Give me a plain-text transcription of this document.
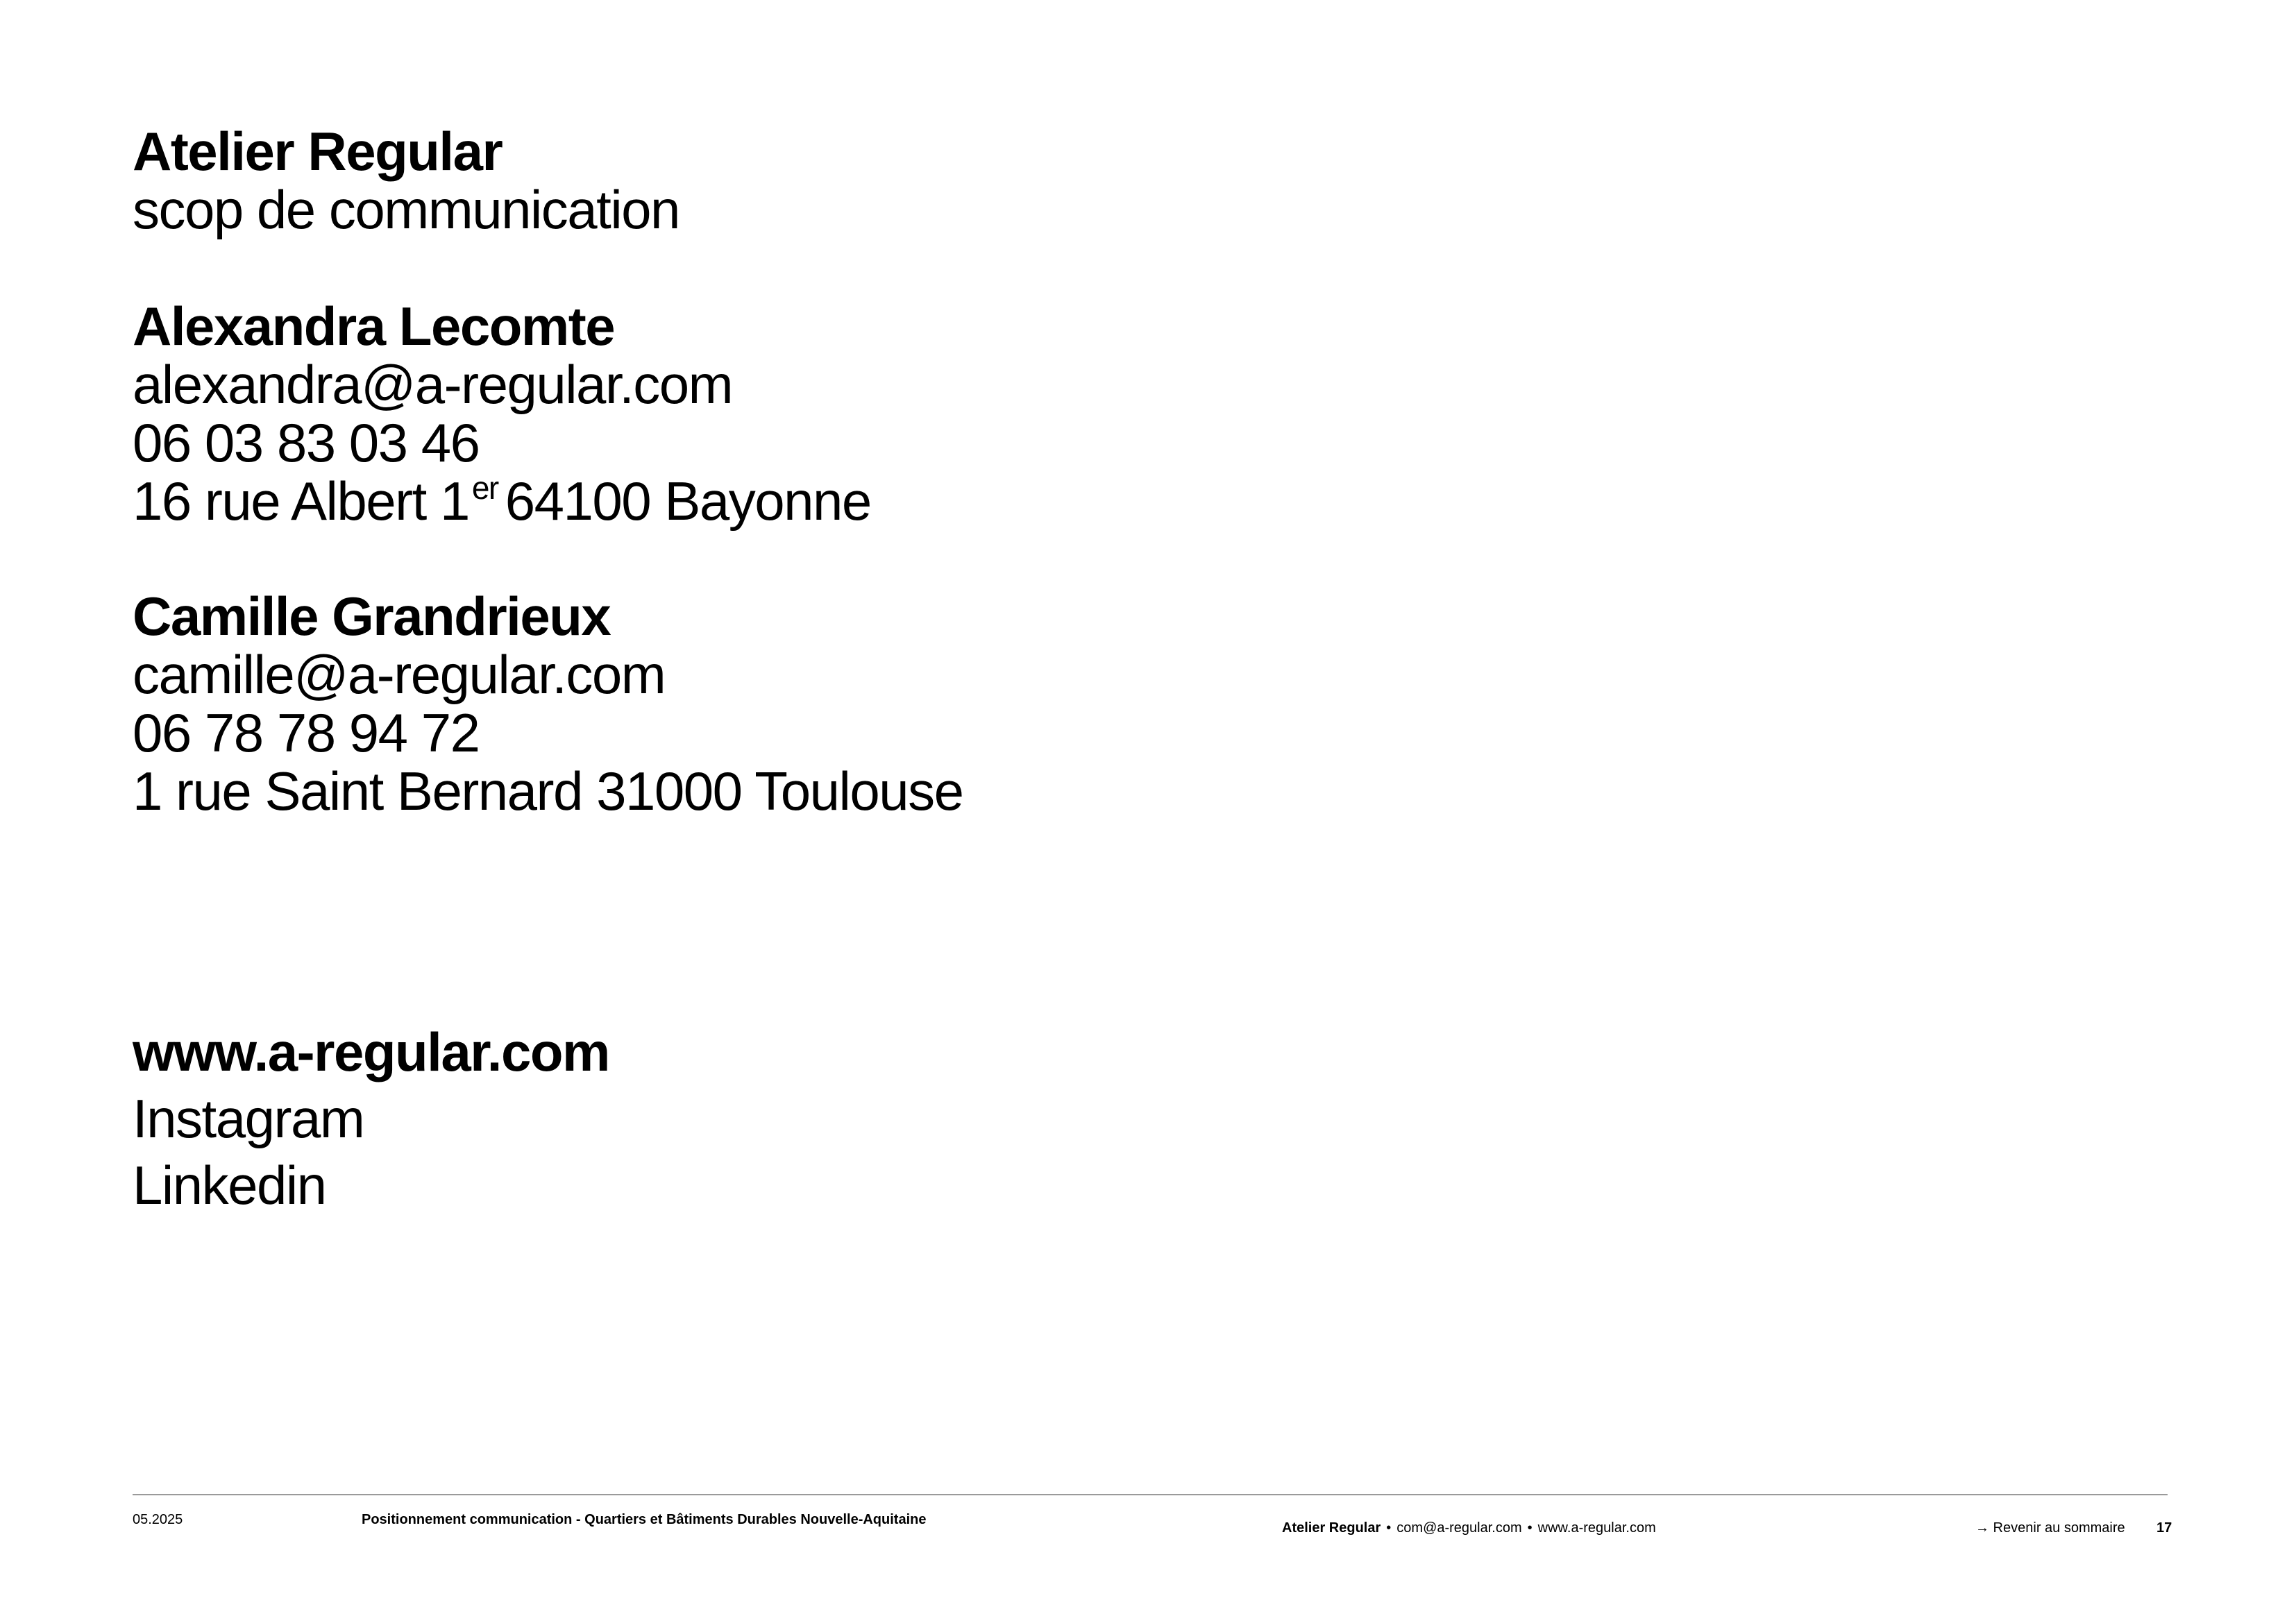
Atelier Regular
scop de communication
Alexandra Lecomte
alexandra@a-regular.com
06 03 83 03 46
16 rue Albert 1er 64100 Bayonne
Camille Grandrieux
camille@a-regular.com
06 78 78 94 72
1 rue Saint Bernard 31000 Toulouse
www.a-regular.com
Instagram
Linkedin
05.2025	Positionnement communication - Quartiers et Bâtiments Durables Nouvelle-Aquitaine
Atelier Regular • com@a-regular.com • www.a-regular.com	→ Revenir au sommaire 17
